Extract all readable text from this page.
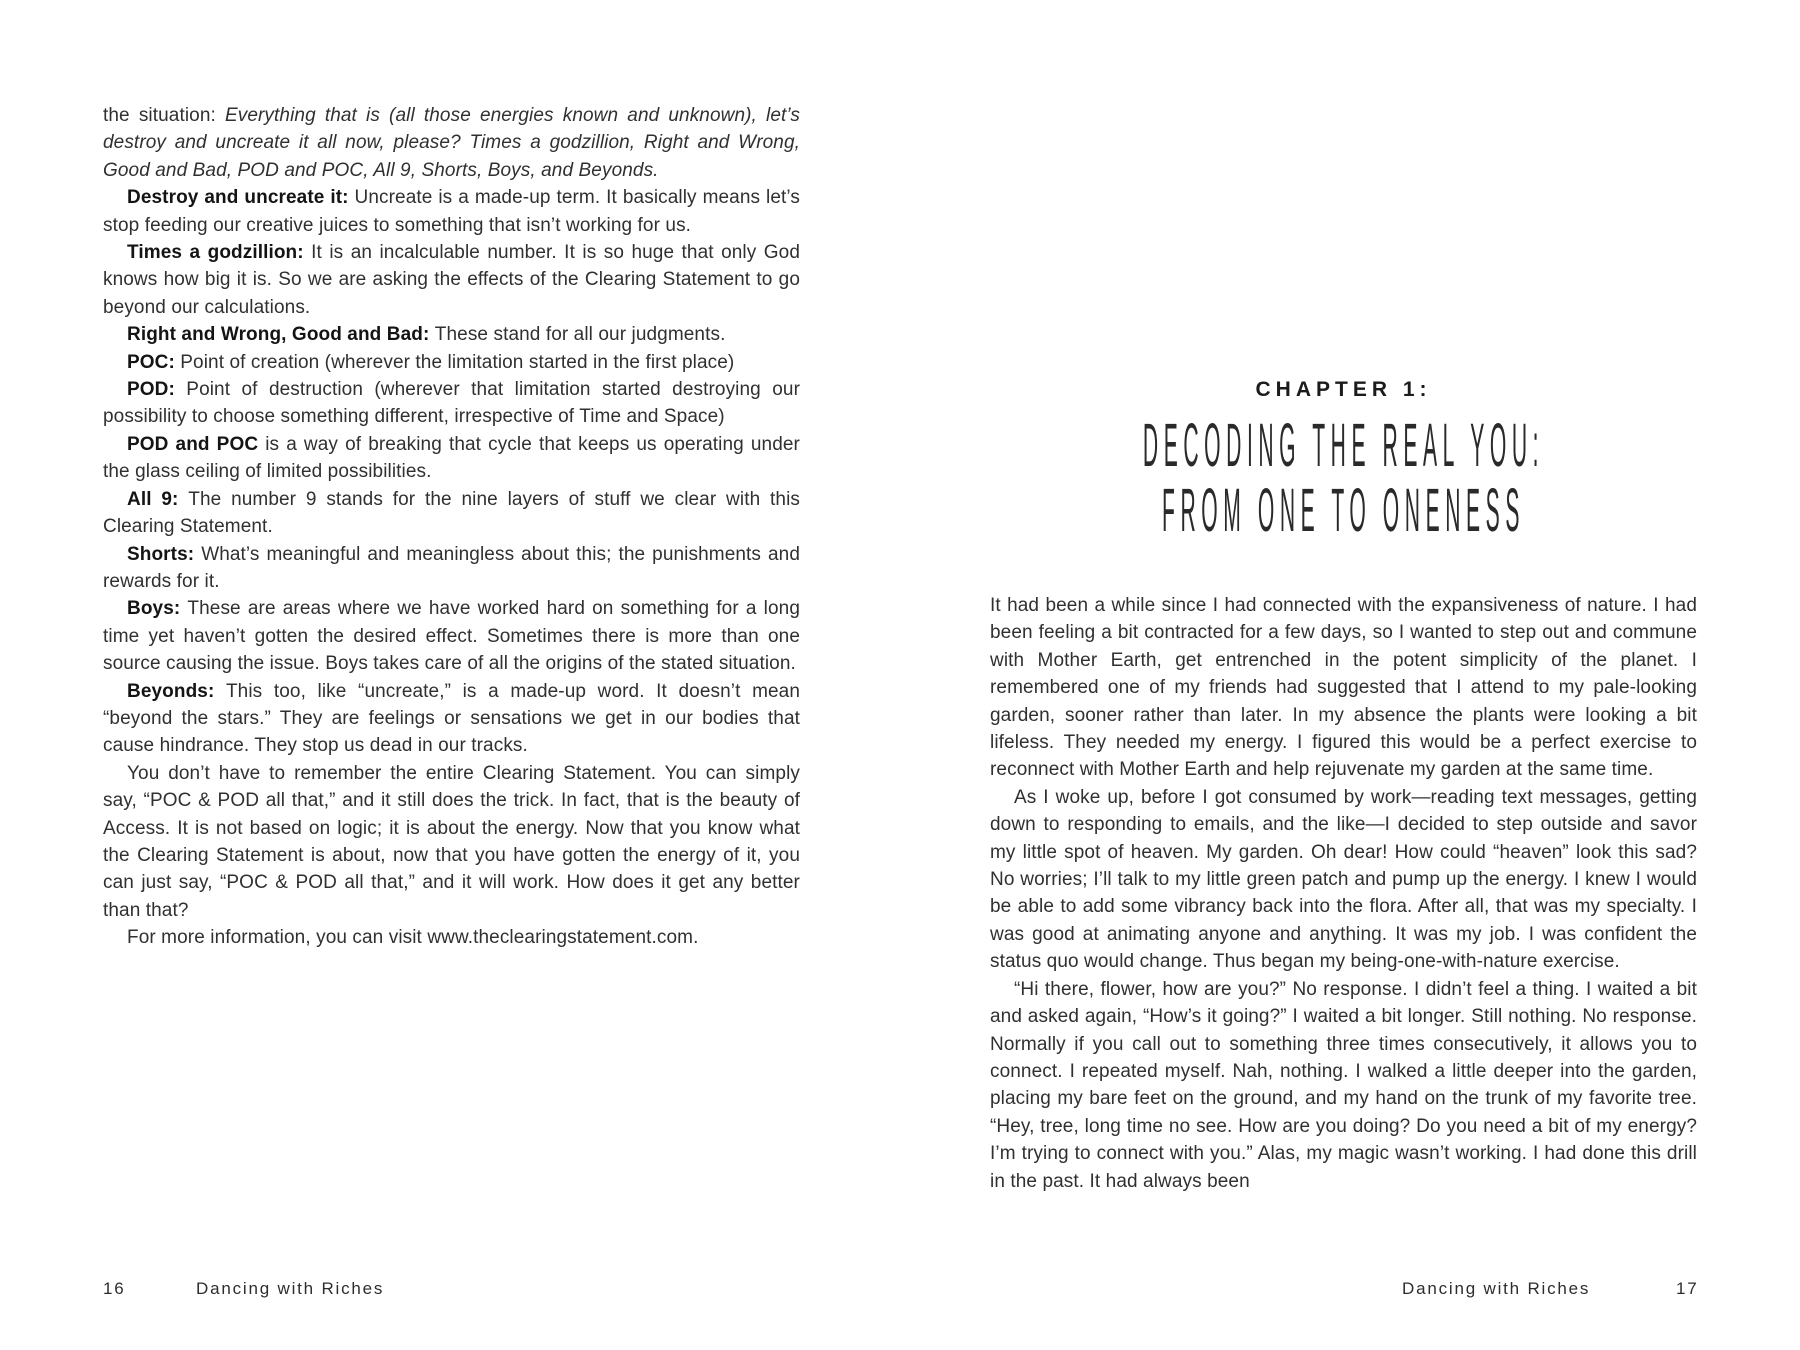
the situation: Everything that is (all those energies known and unknown), let’s destroy and uncreate it all now, please? Times a godzillion, Right and Wrong, Good and Bad, POD and POC, All 9, Shorts, Boys, and Beyonds.

Destroy and uncreate it: Uncreate is a made-up term. It basically means let’s stop feeding our creative juices to something that isn’t working for us.

Times a godzillion: It is an incalculable number. It is so huge that only God knows how big it is. So we are asking the effects of the Clearing Statement to go beyond our calculations.

Right and Wrong, Good and Bad: These stand for all our judgments.

POC: Point of creation (wherever the limitation started in the first place)

POD: Point of destruction (wherever that limitation started destroying our possibility to choose something different, irrespective of Time and Space)

POD and POC is a way of breaking that cycle that keeps us operating under the glass ceiling of limited possibilities.

All 9: The number 9 stands for the nine layers of stuff we clear with this Clearing Statement.

Shorts: What’s meaningful and meaningless about this; the punishments and rewards for it.

Boys: These are areas where we have worked hard on something for a long time yet haven’t gotten the desired effect. Sometimes there is more than one source causing the issue. Boys takes care of all the origins of the stated situation.

Beyonds: This too, like “uncreate,” is a made-up word. It doesn’t mean “beyond the stars.” They are feelings or sensations we get in our bodies that cause hindrance. They stop us dead in our tracks.

You don’t have to remember the entire Clearing Statement. You can simply say, “POC & POD all that,” and it still does the trick. In fact, that is the beauty of Access. It is not based on logic; it is about the energy. Now that you know what the Clearing Statement is about, now that you have gotten the energy of it, you can just say, “POC & POD all that,” and it will work. How does it get any better than that?

For more information, you can visit www.theclearingstatement.com.

16	Dancing with Riches
CHAPTER 1:
DECODING THE REAL YOU:
FROM ONE TO ONENESS

It had been a while since I had connected with the expansiveness of nature. I had been feeling a bit contracted for a few days, so I wanted to step out and commune with Mother Earth, get entrenched in the potent simplicity of the planet. I remembered one of my friends had suggested that I attend to my pale-looking garden, sooner rather than later. In my absence the plants were looking a bit lifeless. They needed my energy. I figured this would be a perfect exercise to reconnect with Mother Earth and help rejuvenate my garden at the same time.

As I woke up, before I got consumed by work—reading text messages, getting down to responding to emails, and the like—I decided to step outside and savor my little spot of heaven. My garden. Oh dear! How could “heaven” look this sad? No worries; I’ll talk to my little green patch and pump up the energy. I knew I would be able to add some vibrancy back into the flora. After all, that was my specialty. I was good at animating anyone and anything. It was my job. I was confident the status quo would change. Thus began my being-one-with-nature exercise.

“Hi there, flower, how are you?” No response. I didn’t feel a thing. I waited a bit and asked again, “How’s it going?” I waited a bit longer. Still nothing. No response. Normally if you call out to something three times consecutively, it allows you to connect. I repeated myself. Nah, nothing. I walked a little deeper into the garden, placing my bare feet on the ground, and my hand on the trunk of my favorite tree. “Hey, tree, long time no see. How are you doing? Do you need a bit of my energy? I’m trying to connect with you.” Alas, my magic wasn’t working. I had done this drill in the past. It had always been

Dancing with Riches	17
